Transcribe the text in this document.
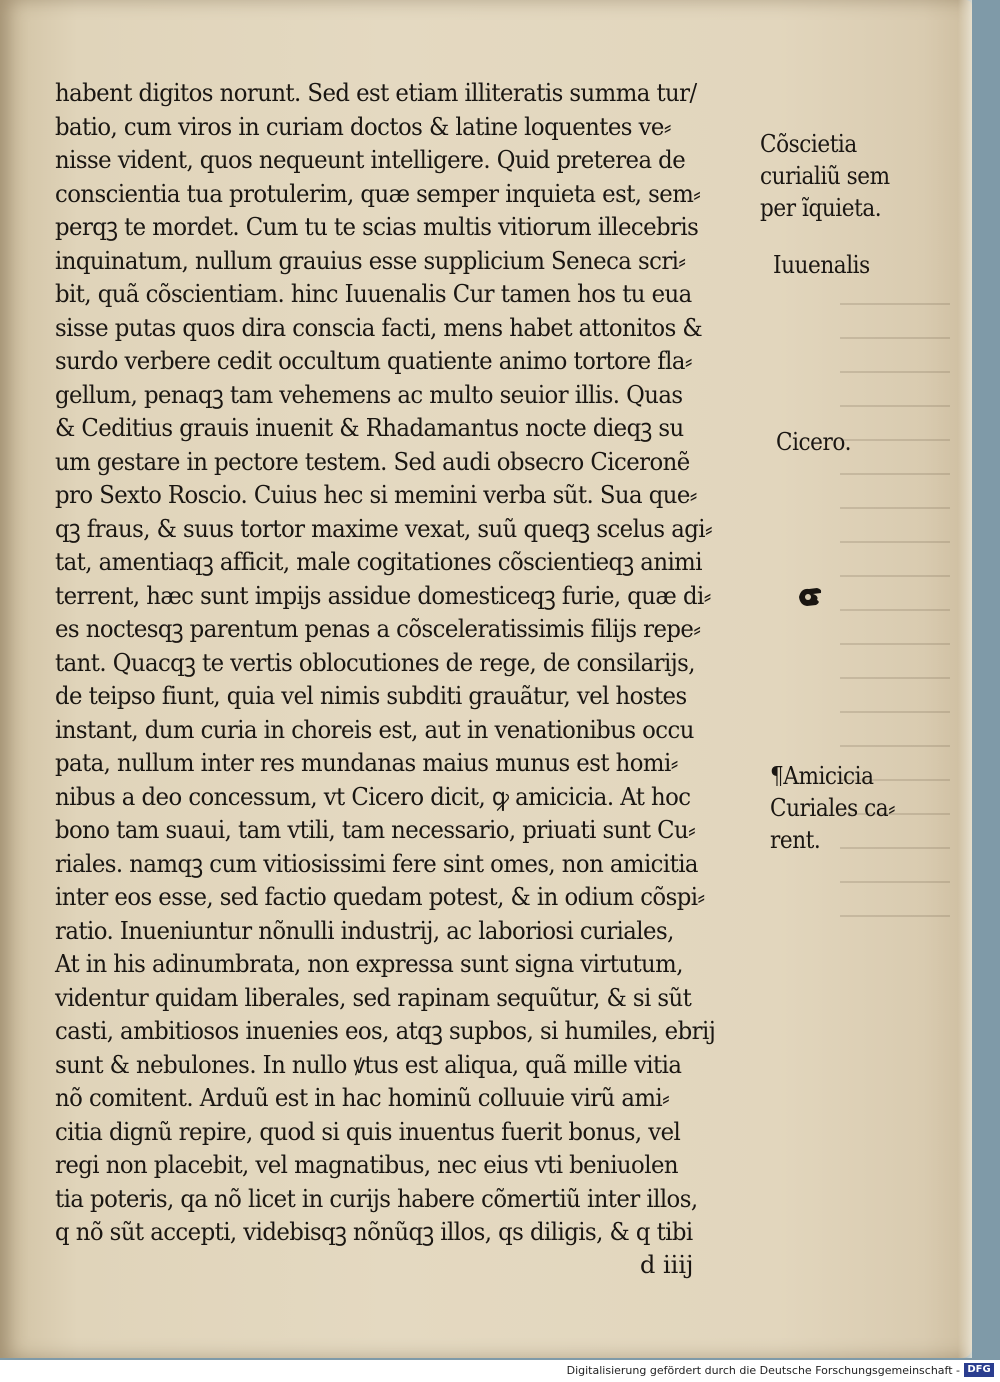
habent digitos norunt. Sed est etiam illiteratis summa tur/
batio, cum viros in curiam doctos & latine loquentes ve⸗
nisse vident, quos nequeunt intelligere. Quid preterea de
conscientia tua protulerim, quæ semper inquieta est, sem⸗
perqꝫ te mordet. Cum tu te scias multis vitiorum illecebris
inquinatum, nullum grauius esse supplicium Seneca scri⸗
bit, quã cõscientiam. hinc Iuuenalis Cur tamen hos tu eua
sisse putas quos dira conscia facti, mens habet attonitos &
surdo verbere cedit occultum quatiente animo tortore fla⸗
gellum, penaqꝫ tam vehemens ac multo seuior illis. Quas
& Ceditius grauis inuenit & Rhadamantus nocte dieqꝫ su
um gestare in pectore testem. Sed audi obsecro Ciceronẽ
pro Sexto Roscio. Cuius hec si memini verba sũt. Sua que⸗
qꝫ fraus, & suus tortor maxime vexat, suũ queqꝫ scelus agi⸗
tat, amentiaqꝫ afficit, male cogitationes cõscientieqꝫ animi
terrent, hæc sunt impijs assidue domesticeqꝫ furie, quæ di⸗
es noctesqꝫ parentum penas a cõsceleratissimis filijs repe⸗
tant. Quacqꝫ te vertis oblocutiones de rege, de consilarijs,
de teipso fiunt, quia vel nimis subditi grauãtur, vel hostes
instant, dum curia in choreis est, aut in venationibus occu
pata, nullum inter res mundanas maius munus est homi⸗
nibus a deo concessum, vt Cicero dicit, ꝙ amicicia. At hoc
bono tam suaui, tam vtili, tam necessario, priuati sunt Cu⸗
riales. namqꝫ cum vitiosissimi fere sint omes, non amicitia
inter eos esse, sed factio quedam potest, & in odium cõspi⸗
ratio. Inueniuntur nõnulli industrij, ac laboriosi curiales,
At in his adinumbrata, non expressa sunt signa virtutum,
videntur quidam liberales, sed rapinam sequũtur, & si sũt
casti, ambitiosos inuenies eos, atqꝫ supbos, si humiles, ebrij
sunt & nebulones. In nullo ꝟtus est aliqua, quã mille vitia
nõ comitent. Arduũ est in hac hominũ colluuie virũ ami⸗
citia dignũ repire, quod si quis inuentus fuerit bonus, vel
regi non placebit, vel magnatibus, nec eius vti beniuolen
tia poteris, qa nõ licet in curijs habere cõmertiũ inter illos,
q nõ sũt accepti, videbisqꝫ nõnũqꝫ illos, qs diligis, & q tibi
d iiij
Cõscietia
curialiũ sem
per ĩquieta.
Iuuenalis
Cicero.
¶Amicicia
Curiales ca⸗
rent.
Digitalisierung gefördert durch die Deutsche Forschungsgemeinschaft - DFG
